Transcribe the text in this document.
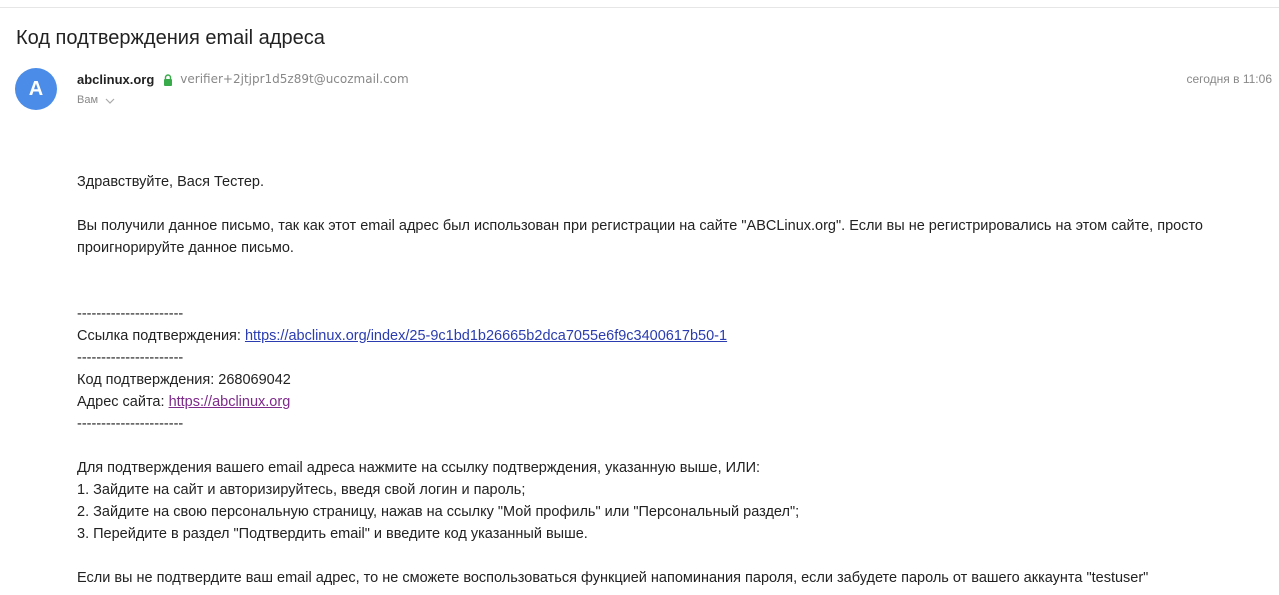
Код подтверждения email адреса
A	abclinux.org verifier+2jtjpr1d5z89t@ucozmail.com
Вам
сегодня в 11:06

Здравствуйте, Вася Тестер.

Вы получили данное письмо, так как этот email адрес был использован при регистрации на сайте "ABCLinux.org". Если вы не регистрировались на этом сайте, просто проигнорируйте данное письмо.

----------------------

Ссылка подтверждения: https://abclinux.org/index/25-9c1bd1b26665b2dca7055e6f9c3400617b50-1

----------------------

Код подтверждения: 268069042

Адрес сайта: https://abclinux.org

----------------------

Для подтверждения вашего email адреса нажмите на ссылку подтверждения, указанную выше, ИЛИ:

1. Зайдите на сайт и авторизируйтесь, введя свой логин и пароль;

2. Зайдите на свою персональную страницу, нажав на ссылку "Мой профиль" или "Персональный раздел";

3. Перейдите в раздел "Подтвердить email" и введите код указанный выше.

Если вы не подтвердите ваш email адрес, то не сможете воспользоваться функцией напоминания пароля, если забудете пароль от вашего аккаунта "testuser"
